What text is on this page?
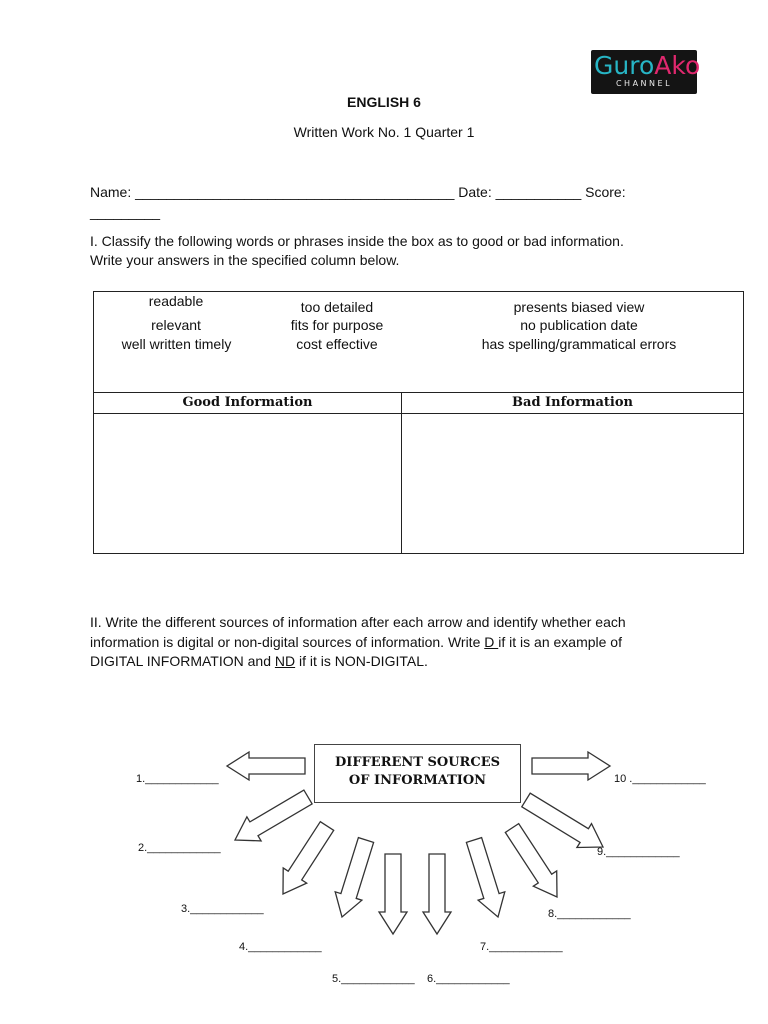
GuroAko
CHANNEL
ENGLISH 6
Written Work No. 1 Quarter 1
Name: _________________________________________ Date: ___________ Score:
_________
I. Classify the following words or phrases inside the box as to good or bad information.
Write your answers in the specified column below.
readable
relevant
well written timely
too detailed
fits for purpose
cost effective
presents biased view
no publication date
has spelling/grammatical errors
Good Information	Bad Information
II. Write the different sources of information after each arrow and identify whether each
information is digital or non-digital sources of information. Write D if it is an example of
DIGITAL INFORMATION and ND if it is NON-DIGITAL.
DIFFERENT SOURCES
OF INFORMATION
1.____________
2.____________
3.____________
4.____________
5.____________ 6.____________
7.____________
8.____________
9.____________
10 .____________
